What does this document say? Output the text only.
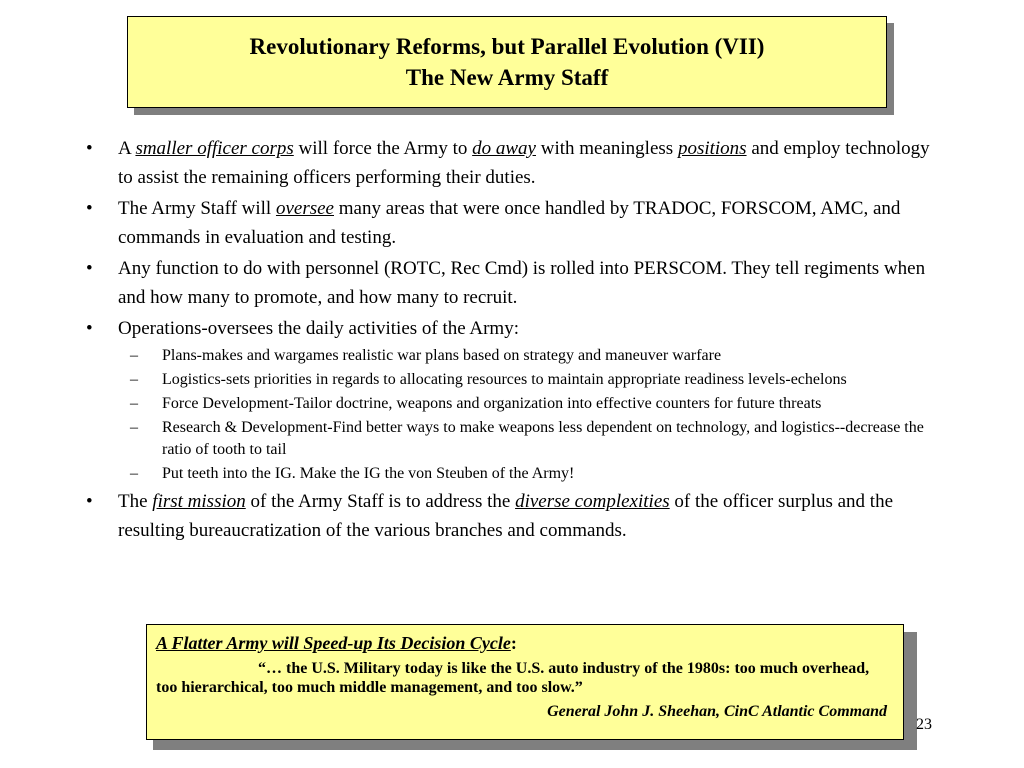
Revolutionary Reforms, but Parallel Evolution (VII)
The New Army Staff
• A smaller officer corps will force the Army to do away with meaningless positions and employ technology to assist the remaining officers performing their duties.
• The Army Staff will oversee many areas that were once handled by TRADOC, FORSCOM, AMC, and commands in evaluation and testing.
• Any function to do with personnel (ROTC, Rec Cmd) is rolled into PERSCOM. They tell regiments when and how many to promote, and how many to recruit.
• Operations-oversees the daily activities of the Army:
– Plans-makes and wargames realistic war plans based on strategy and maneuver warfare
– Logistics-sets priorities in regards to allocating resources to maintain appropriate readiness levels-echelons
– Force Development-Tailor doctrine, weapons and organization into effective counters for future threats
– Research & Development-Find better ways to make weapons less dependent on technology, and logistics--decrease the ratio of tooth to tail
– Put teeth into the IG. Make the IG the von Steuben of the Army!
• The first mission of the Army Staff is to address the diverse complexities of the officer surplus and the resulting bureaucratization of the various branches and commands.
A Flatter Army will Speed-up Its Decision Cycle:
“… the U.S. Military today is like the U.S. auto industry of the 1980s: too much overhead, too hierarchical, too much middle management, and too slow.”
General John J. Sheehan, CinC Atlantic Command
23
